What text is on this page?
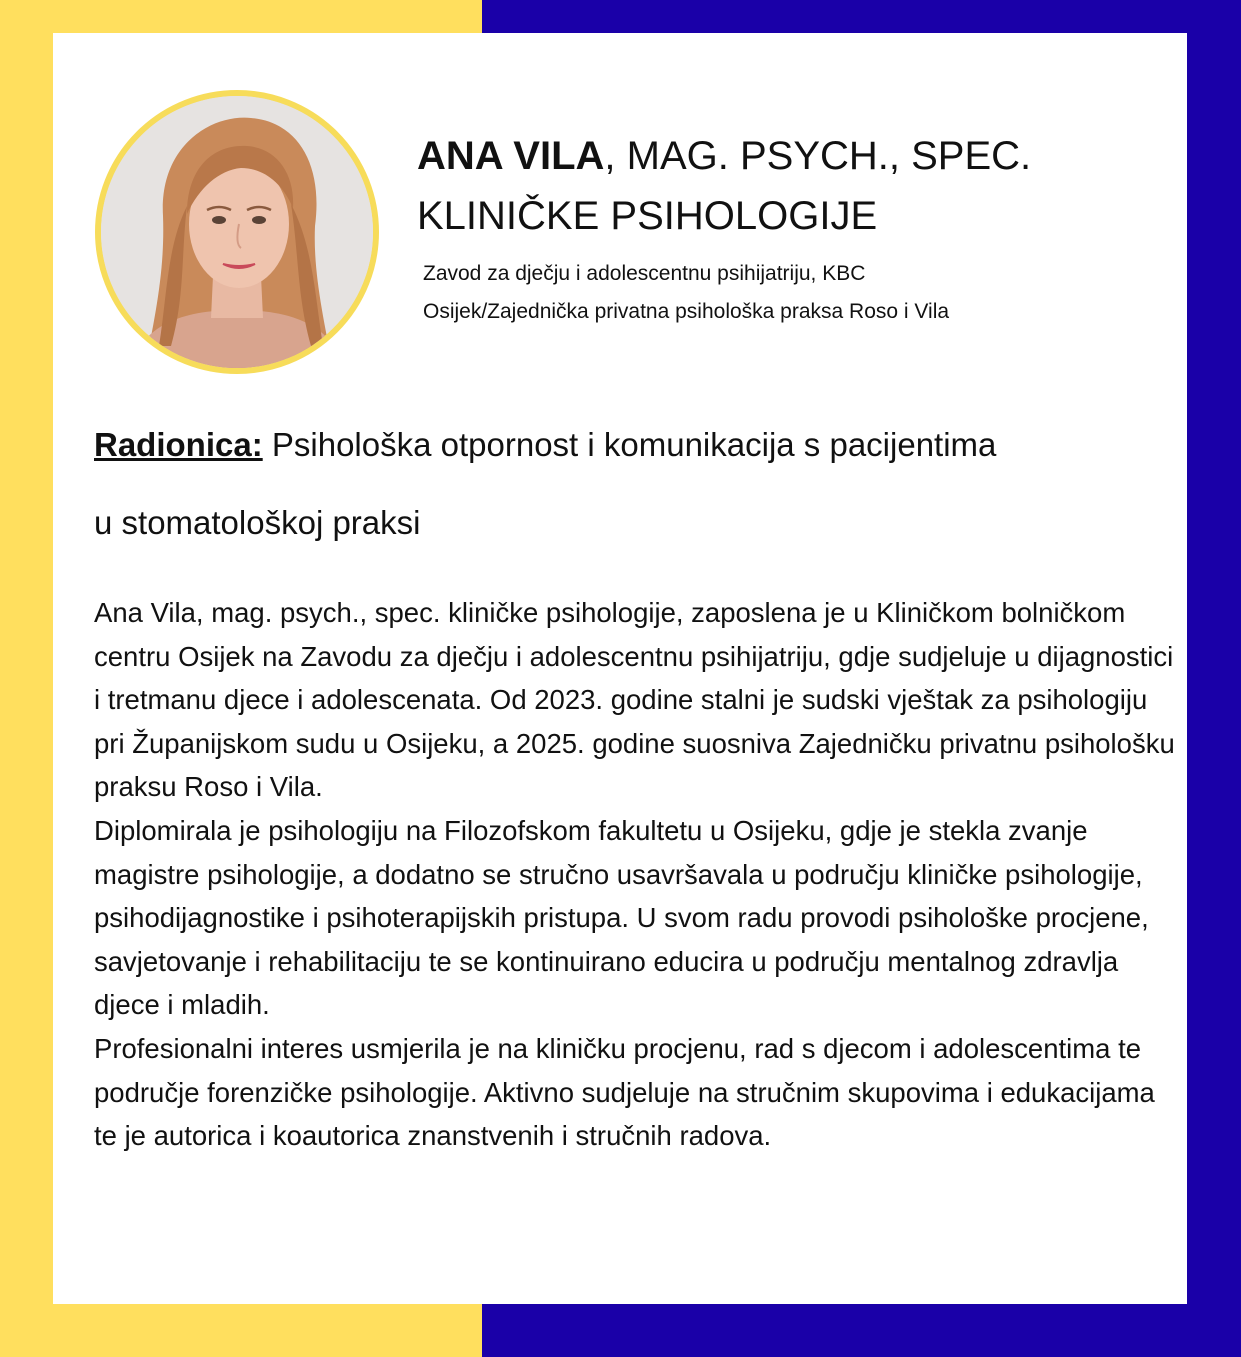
ANA VILA, MAG. PSYCH., SPEC.
KLINIČKE PSIHOLOGIJE
Zavod za dječju i adolescentnu psihijatriju, KBC
Osijek/Zajednička privatna psihološka praksa Roso i Vila
Radionica: Psihološka otpornost i komunikacija s pacijentima
u stomatološkoj praksi

Ana Vila, mag. psych., spec. kliničke psihologije, zaposlena je u Kliničkom bolničkom centru Osijek na Zavodu za dječju i adolescentnu psihijatriju, gdje sudjeluje u dijagnostici i tretmanu djece i adolescenata. Od 2023. godine stalni je sudski vještak za psihologiju pri Županijskom sudu u Osijeku, a 2025. godine suosniva Zajedničku privatnu psihološku praksu Roso i Vila.

Diplomirala je psihologiju na Filozofskom fakultetu u Osijeku, gdje je stekla zvanje magistre psihologije, a dodatno se stručno usavršavala u području kliničke psihologije, psihodijagnostike i psihoterapijskih pristupa. U svom radu provodi psihološke procjene, savjetovanje i rehabilitaciju te se kontinuirano educira u području mentalnog zdravlja djece i mladih.

Profesionalni interes usmjerila je na kliničku procjenu, rad s djecom i adolescentima te područje forenzičke psihologije. Aktivno sudjeluje na stručnim skupovima i edukacijama te je autorica i koautorica znanstvenih i stručnih radova.
